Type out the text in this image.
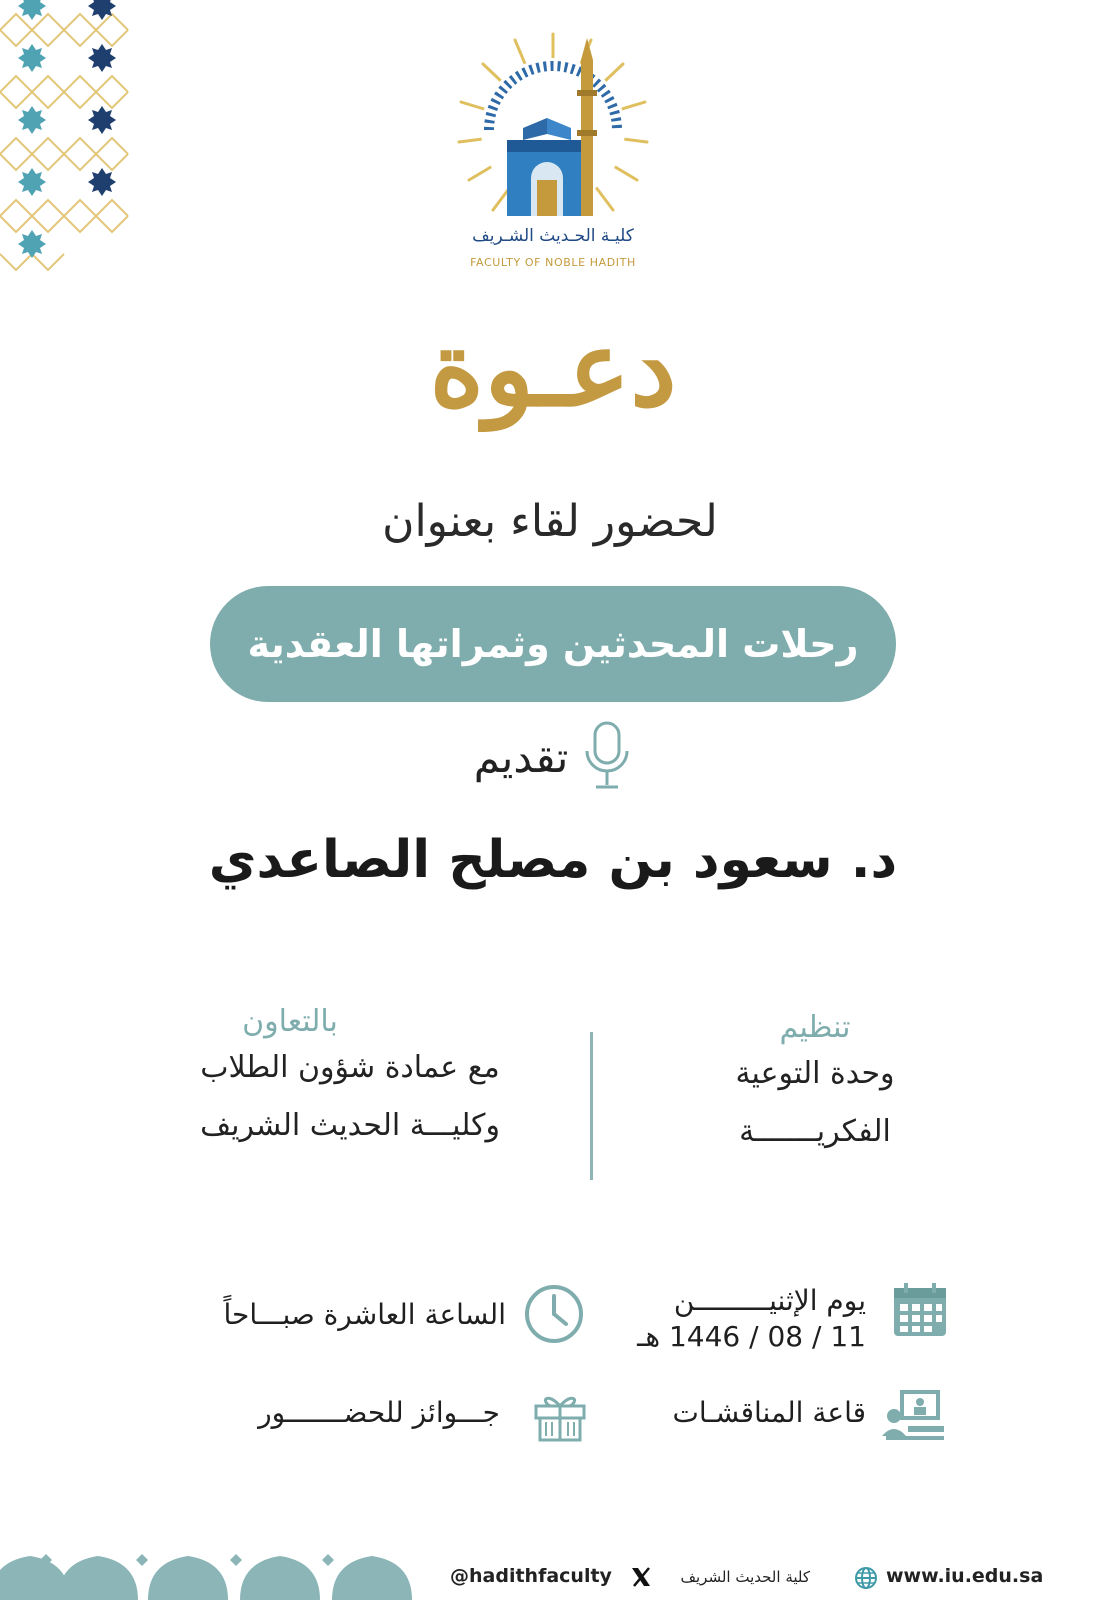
كليـة الحـديث الشـريف
FACULTY OF NOBLE HADITH
دعـوة
لحضور لقاء بعنوان
رحلات المحدثين وثمراتها العقدية
تقديم
د. سعود بن مصلح الصاعدي
تنظيم
وحدة التوعية
الفكريـــــــة
بالتعاون
مع عمادة شؤون الطلاب
وكليـــة الحديث الشريف
يوم الإثنيـــــــــن
11 / 08 / 1446 هـ
الساعة العاشرة صبـــاحاً
قاعة المناقشـات
جـــوائز للحضـــــــور
@hadithfaculty	كلية الحديث الشريف	www.iu.edu.sa
